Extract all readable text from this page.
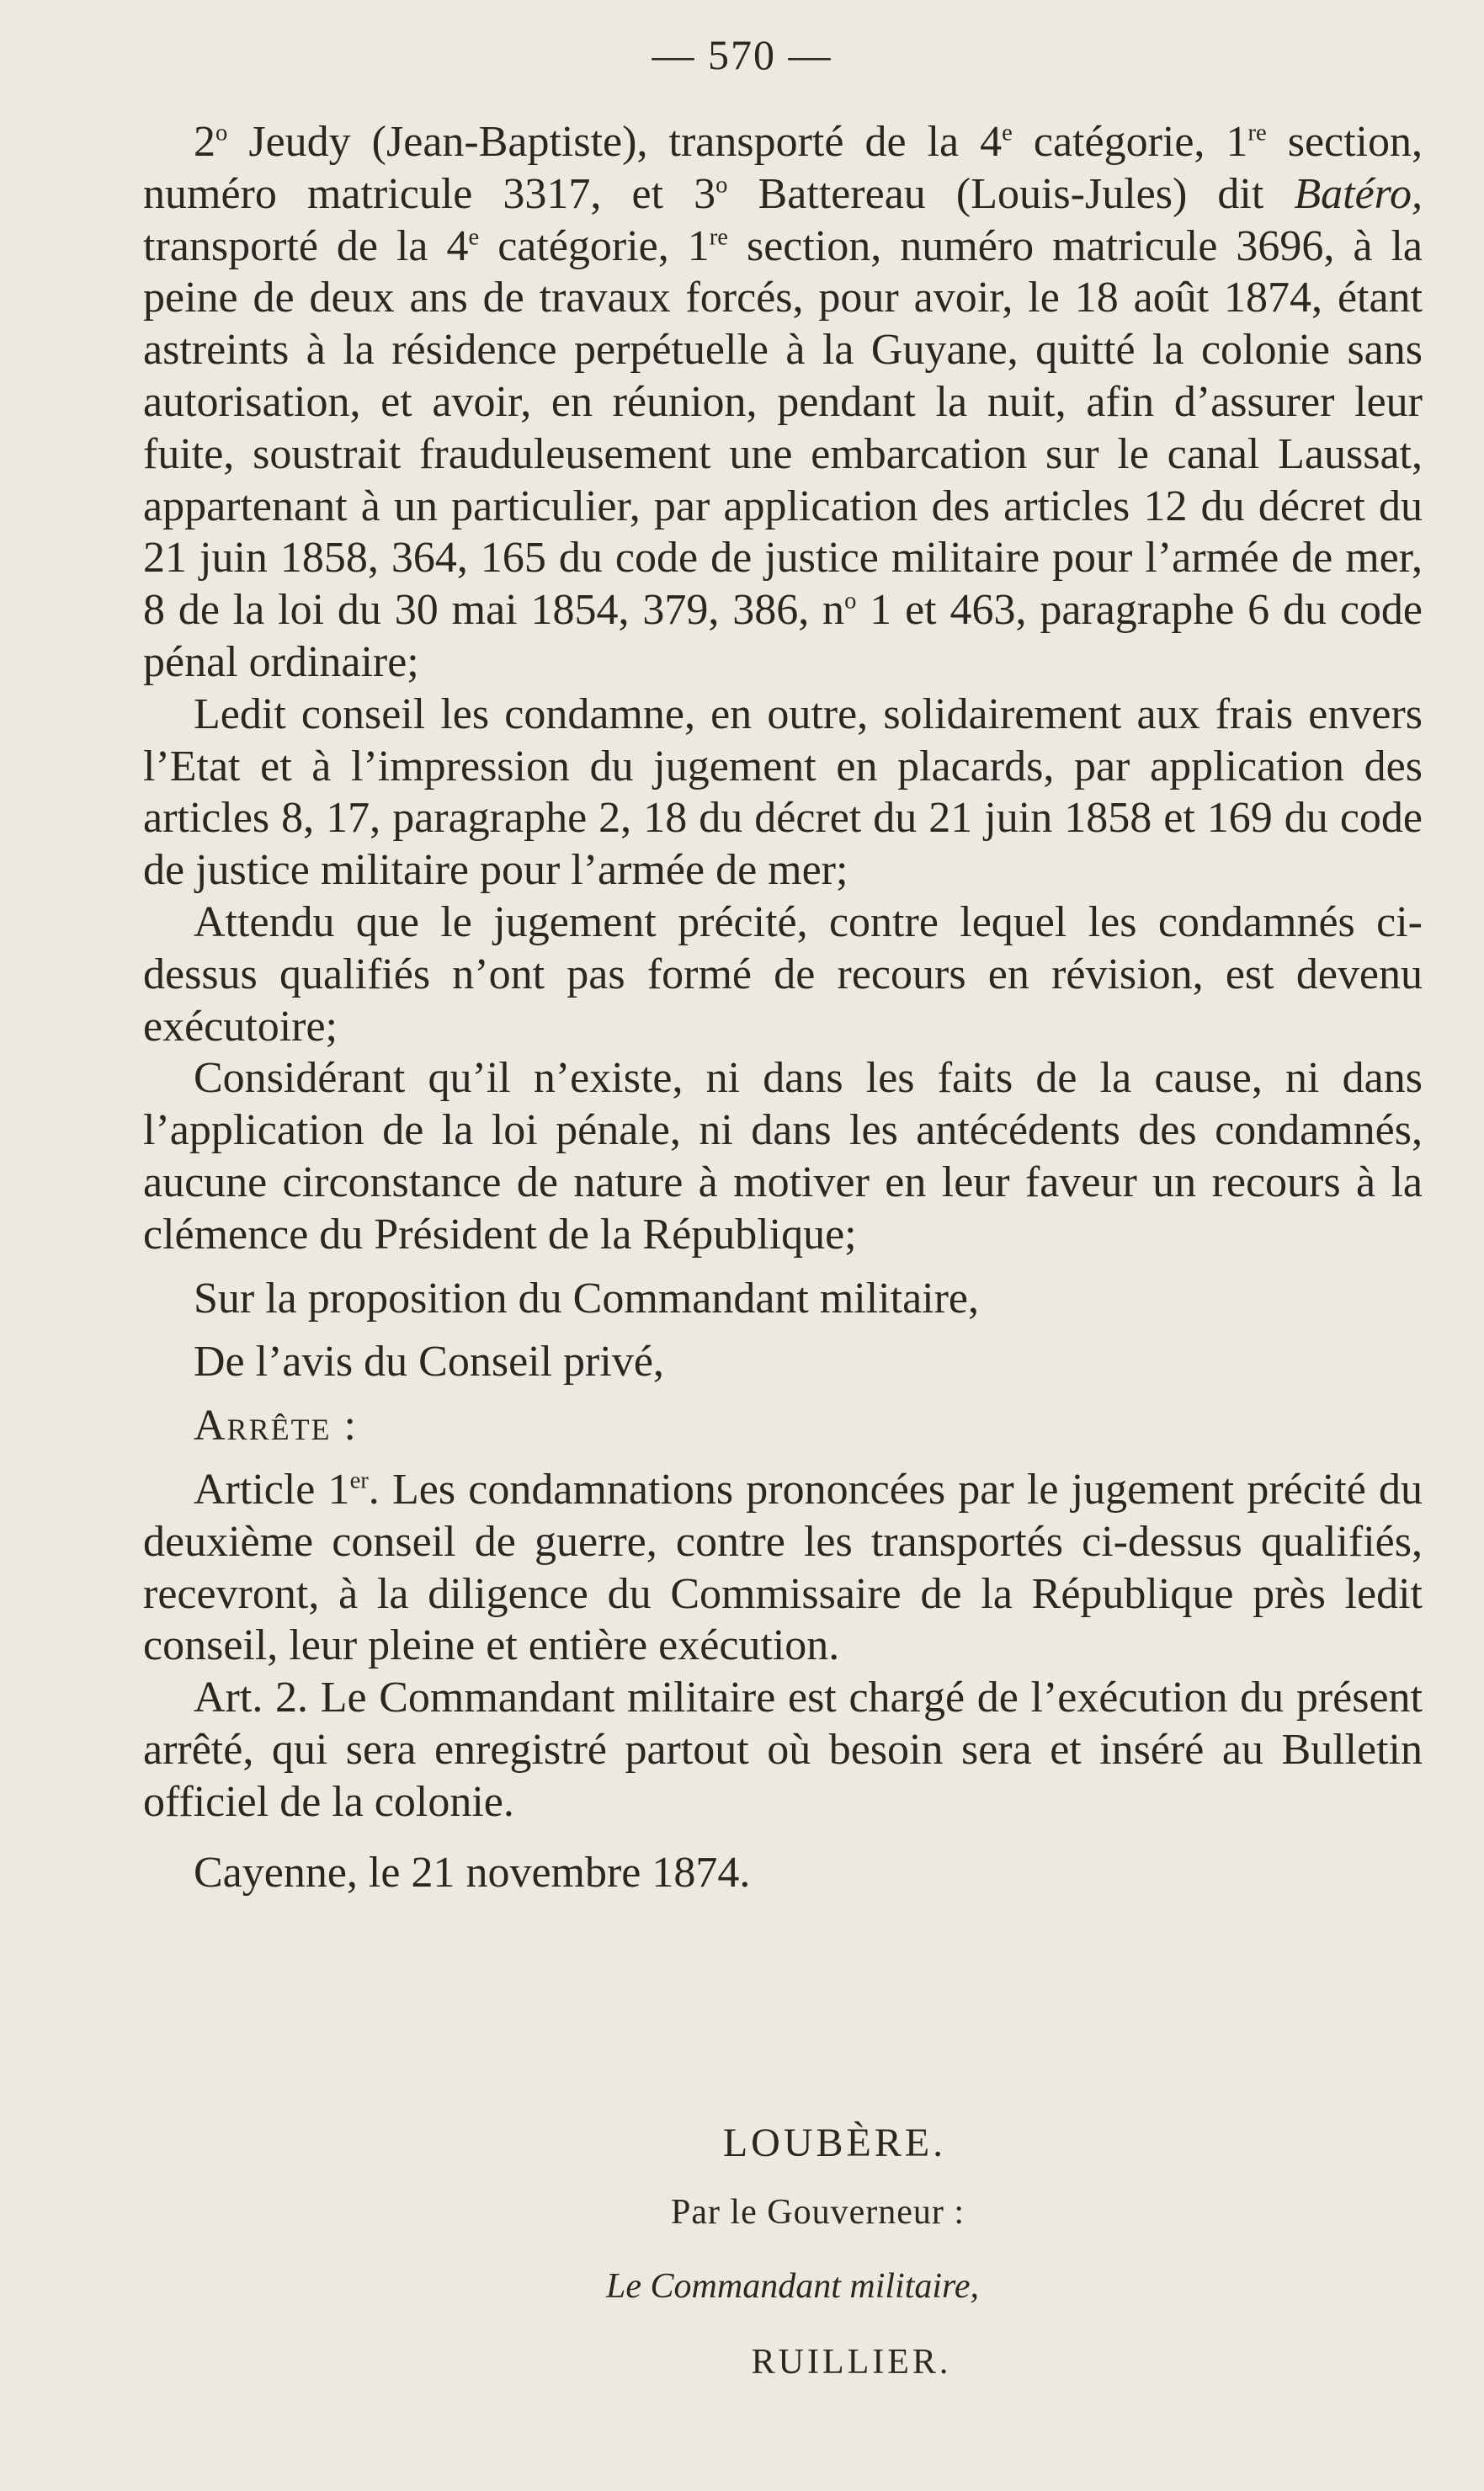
— 570 —

2$^o$ Jeudy (Jean-Baptiste), transporté de la 4e catégorie, 1re section, numéro matricule 3317, et 3$^o$ Battereau (Louis-Jules) dit Batéro, transporté de la 4e catégorie, 1re section, numéro matricule 3696, à la peine de deux ans de travaux forcés, pour avoir, le 18 août 1874, étant astreints à la résidence perpétuelle à la Guyane, quitté la colonie sans autorisation, et avoir, en réunion, pendant la nuit, afin d’assurer leur fuite, soustrait frauduleusement une embarcation sur le canal Laussat, appartenant à un particulier, par application des articles 12 du décret du 21 juin 1858, 364, 165 du code de justice militaire pour l’armée de mer, 8 de la loi du 30 mai 1854, 379, 386, $n^o$ 1 et 463, paragraphe 6 du code pénal ordinaire;

Ledit conseil les condamne, en outre, solidairement aux frais envers l’Etat et à l’impression du jugement en placards, par application des articles 8, 17, paragraphe 2, 18 du décret du 21 juin 1858 et 169 du code de justice militaire pour l’armée de mer;

Attendu que le jugement précité, contre lequel les condamnés ci-dessus qualifiés n’ont pas formé de recours en révision, est devenu exécutoire;

Considérant qu’il n’existe, ni dans les faits de la cause, ni dans l’application de la loi pénale, ni dans les antécédents des condamnés, aucune circonstance de nature à motiver en leur faveur un recours à la clémence du Président de la République;

Sur la proposition du Commandant militaire,

De l’avis du Conseil privé,

Arrête :

Article 1er. Les condamnations prononcées par le jugement précité du deuxième conseil de guerre, contre les transportés ci-dessus qualifiés, recevront, à la diligence du Commissaire de la République près ledit conseil, leur pleine et entière exécution.

Art. 2. Le Commandant militaire est chargé de l’exécution du présent arrêté, qui sera enregistré partout où besoin sera et inséré au Bulletin officiel de la colonie.

Cayenne, le 21 novembre 1874.

LOUBÈRE.
Par le Gouverneur :
Le Commandant militaire,
RUILLIER.
